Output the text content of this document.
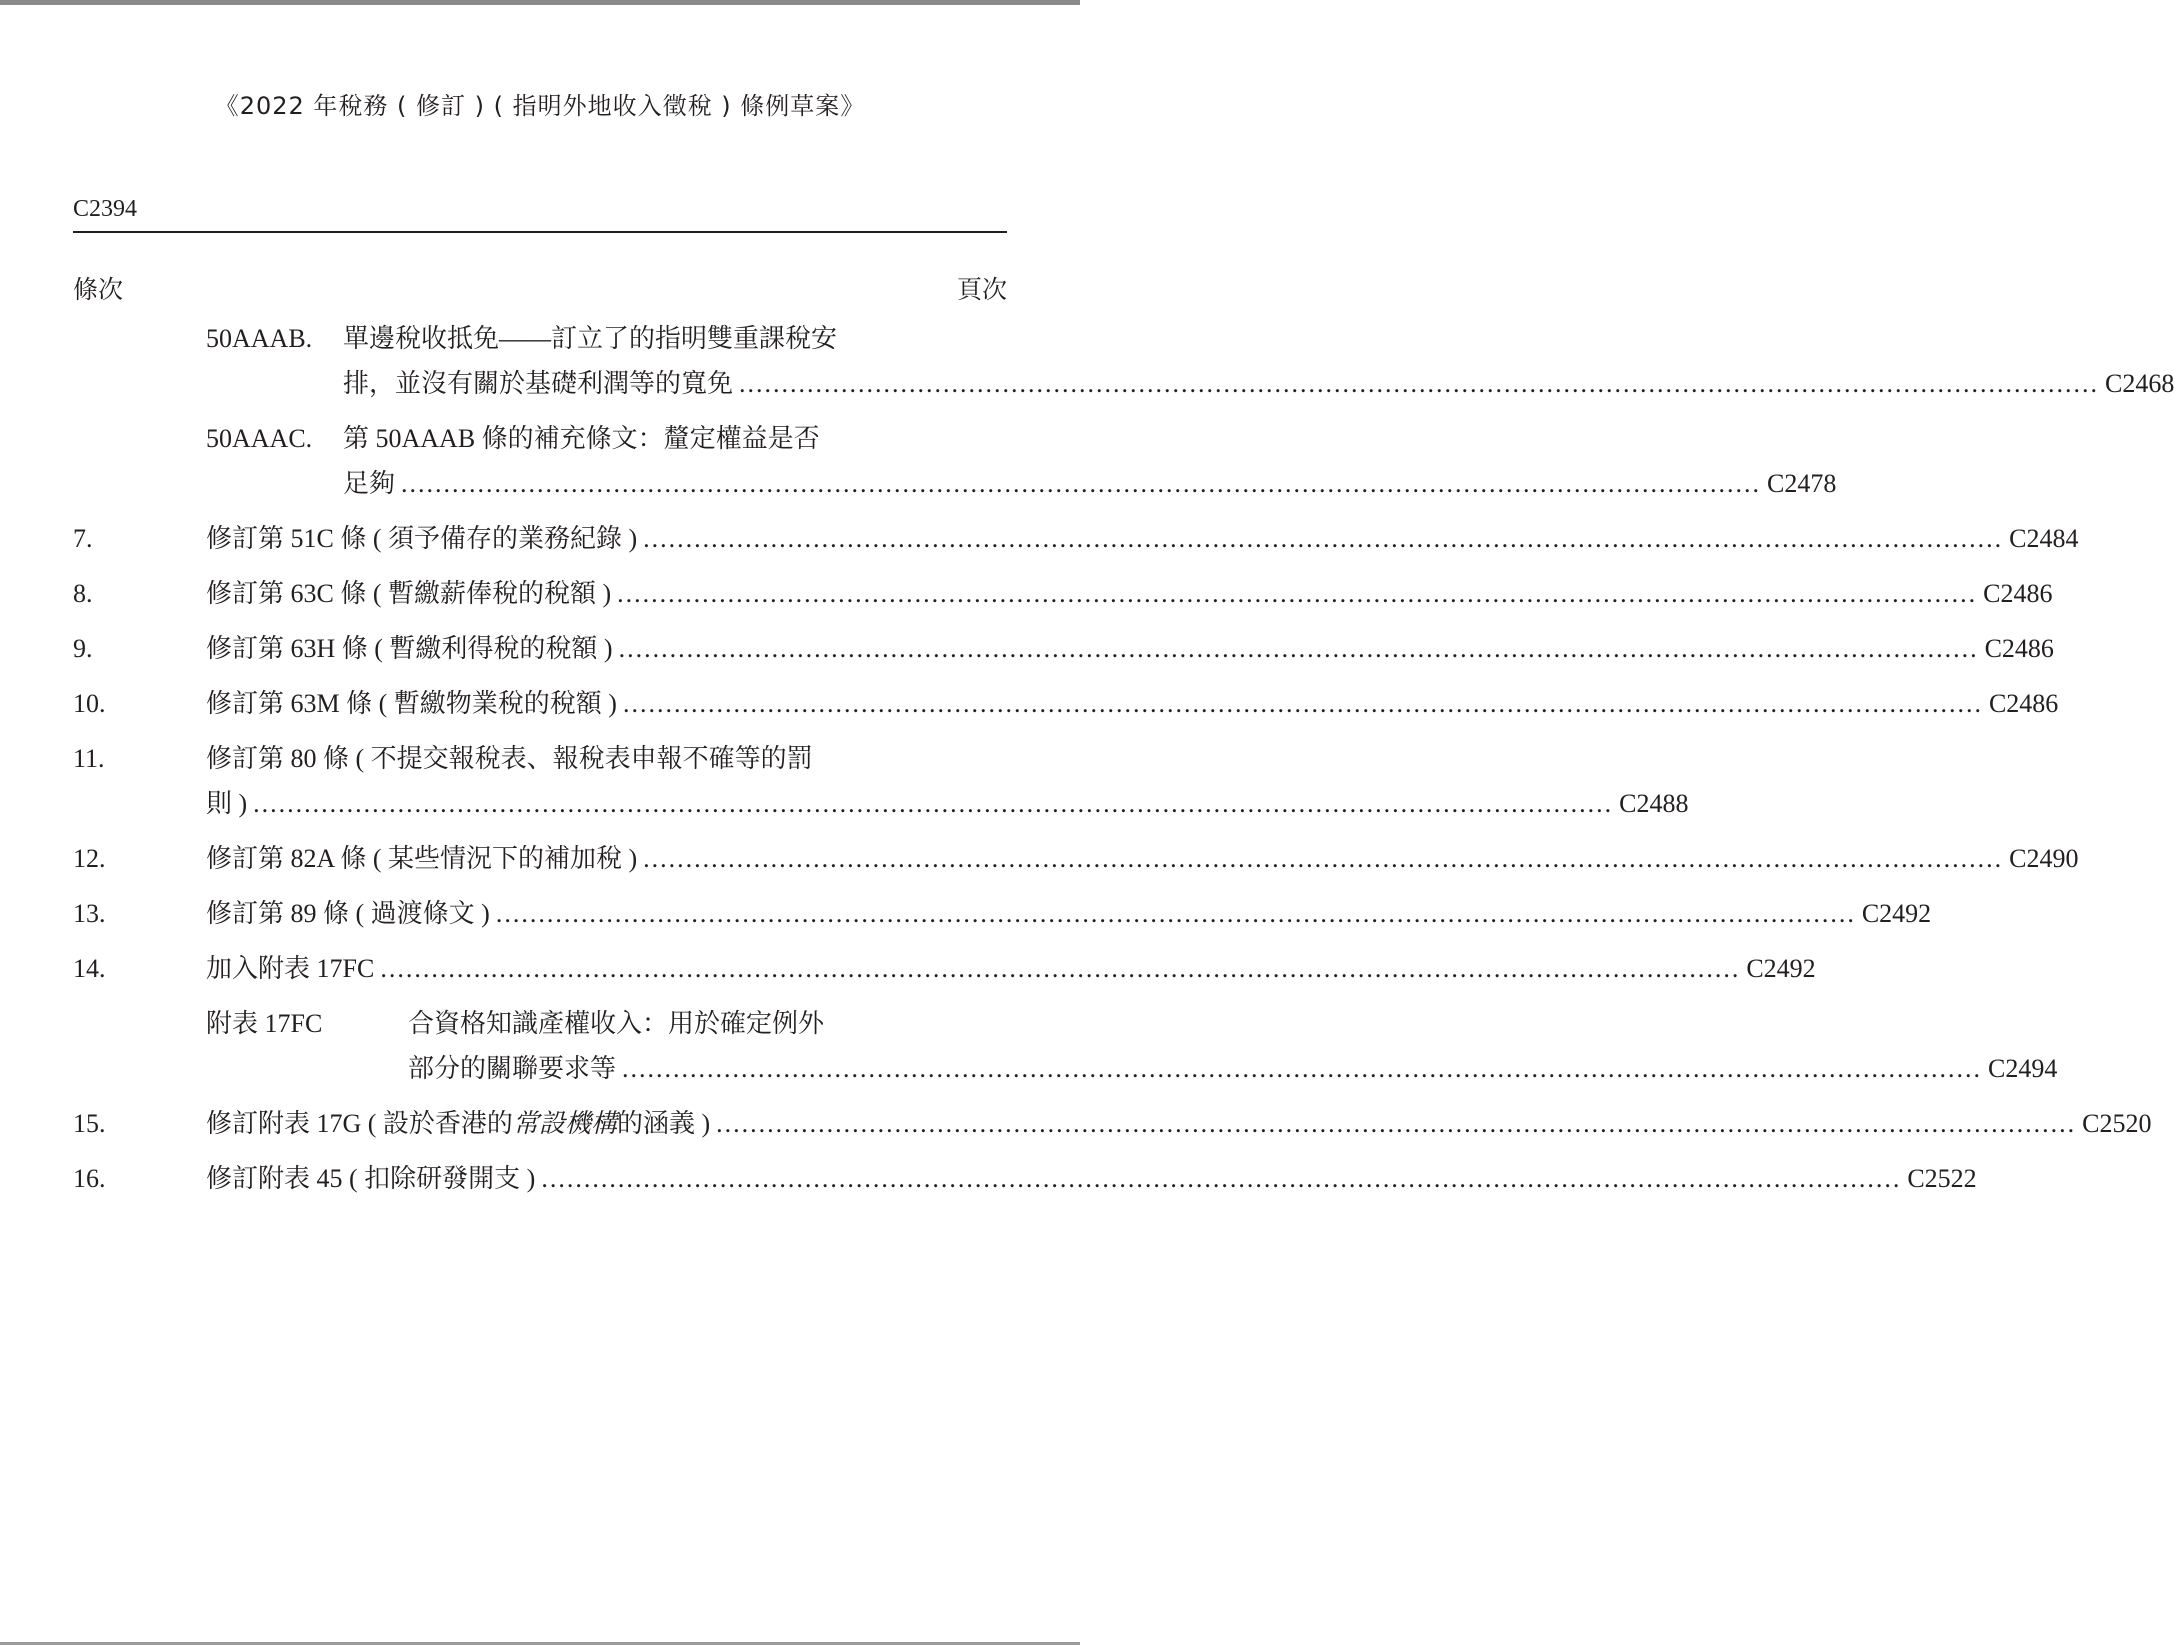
《2022 年稅務 ( 修訂 ) ( 指明外地收入徵稅 ) 條例草案》
C2394
條次	頁次
50AAAB.	單邊稅收抵免——訂立了的指明雙重課稅安
排，並沒有關於基礎利潤等的寬免 ................................................................................................................................................................ C2468
50AAAC.	第 50AAAB 條的補充條文：釐定權益是否
足夠 ................................................................................................................................................................ C2478
7.	修訂第 51C 條 ( 須予備存的業務紀錄 ) ................................................................................................................................................................ C2484
8.	修訂第 63C 條 ( 暫繳薪俸稅的稅額 ) ................................................................................................................................................................ C2486
9.	修訂第 63H 條 ( 暫繳利得稅的稅額 ) ................................................................................................................................................................ C2486
10.	修訂第 63M 條 ( 暫繳物業稅的稅額 ) ................................................................................................................................................................ C2486
11.	修訂第 80 條 ( 不提交報稅表、報稅表申報不確等的罰
則 ) ................................................................................................................................................................ C2488
12.	修訂第 82A 條 ( 某些情況下的補加稅 ) ................................................................................................................................................................ C2490
13.	修訂第 89 條 ( 過渡條文 ) ................................................................................................................................................................ C2492
14.	加入附表 17FC ................................................................................................................................................................ C2492
附表 17FC	合資格知識產權收入：用於確定例外
部分的關聯要求等 ................................................................................................................................................................ C2494
15.	修訂附表 17G ( 設於香港的常設機構的涵義 ) ................................................................................................................................................................ C2520
16.	修訂附表 45 ( 扣除研發開支 ) ................................................................................................................................................................ C2522
